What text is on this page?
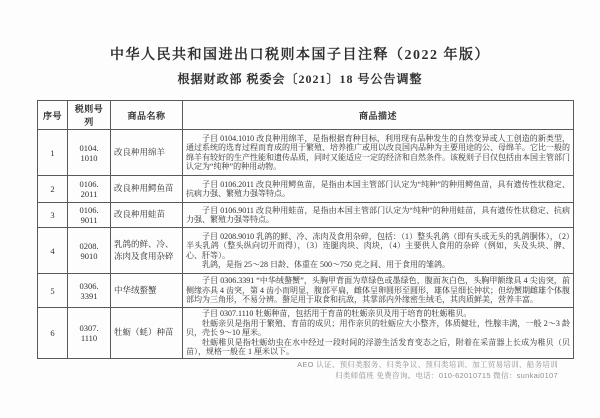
中华人民共和国进出口税则本国子目注释（2022 年版）
根据财政部 税委会〔2021〕18 号公告调整
序号	税则号列	商品名称	商品描述
1	0104. 1010	改良种用绵羊	子目 0104.1010 改良种用绵羊，是指根据育种目标，利用现有品种发生的自然变异或人工创造的新类型，通过系统的选育过程而育成的用于繁殖、培养推广或用以改良国内品种为主要用途的公、母绵羊。它比一般的绵羊有较好的生产性能和遗传品质，同时又能适应一定的经济和自然条件。该税则子目仅包括由本国主管部门认定为“纯种”的种用动物。

2	0106. 2011	改良种用鳄鱼苗	子目 0106.2011 改良种用鳄鱼苗，是指由本国主管部门认定为“纯种”的种用鳄鱼苗，具有遗传性状稳定、抗病力强、繁殖力强等特点。

3	0106. 9011	改良种用蛙苗	子目 0106.9011 改良种用蛙苗，是指由本国主管部门认定为“纯种”的种用蛙苗，具有遗传性状稳定、抗病力强、繁殖力强等特点。

4	0208. 9010	乳鸽的鲜、冷、冻肉及食用杂碎	子目 0208.9010 乳鸽的鲜、冷、冻肉及食用杂碎，包括：（1）整头乳鸽（即有头或无头的乳鸽胴体），（2）半头乳鸽（整头纵向切开而得），（3）连腿肉块、肉块，（4）主要供人食用的杂碎（例如，头及头块、脾、心、肝等）。

乳鸽，是指 25～28 日龄、体重在 500～750 克之间、用于食用的雏鸽。

5	0306. 3391	中华绒螯蟹	子目 0306.3391 “中华绒螯蟹”，头胸甲背面为草绿色或墨绿色，腹面灰白色，头胸甲额缘具 4 尖齿突，前侧缘亦具 4 齿突，第 4 齿小而明显，腹部平扁，雌体呈卵圆形至圆形，雄体呈细长钟状；但幼蟹期雌雄个体腹部均为三角形，不易分辨。螯足用于取食和抗敌，其掌部内外缘密生绒毛，其肉质鲜美，营养丰富。

6	0307. 1110	牡蛎（蚝）种苗	子目 0307.1110 牡蛎种苗，包括用于育苗的牡蛎亲贝及用于培育的牡蛎稚贝。

牡蛎亲贝是指用于繁殖、育苗的成贝；用作亲贝的牡蛎应大小整齐，体质健壮，性腺丰满，一般 2～3 龄贝，壳长 9～10 厘米。

牡蛎稚贝是指牡蛎幼虫在水中经过一段时间的浮游生活发育变态之后，附着在采苗器上长成为稚贝（贝苗），规格一般在 1 厘米以下。

AEO 认证、预归类服务、归类争议、预归类培训、加工贸易培训、船务培训
归类师值班 免费咨询。电话：010-62010715 微信：sunkai0107
